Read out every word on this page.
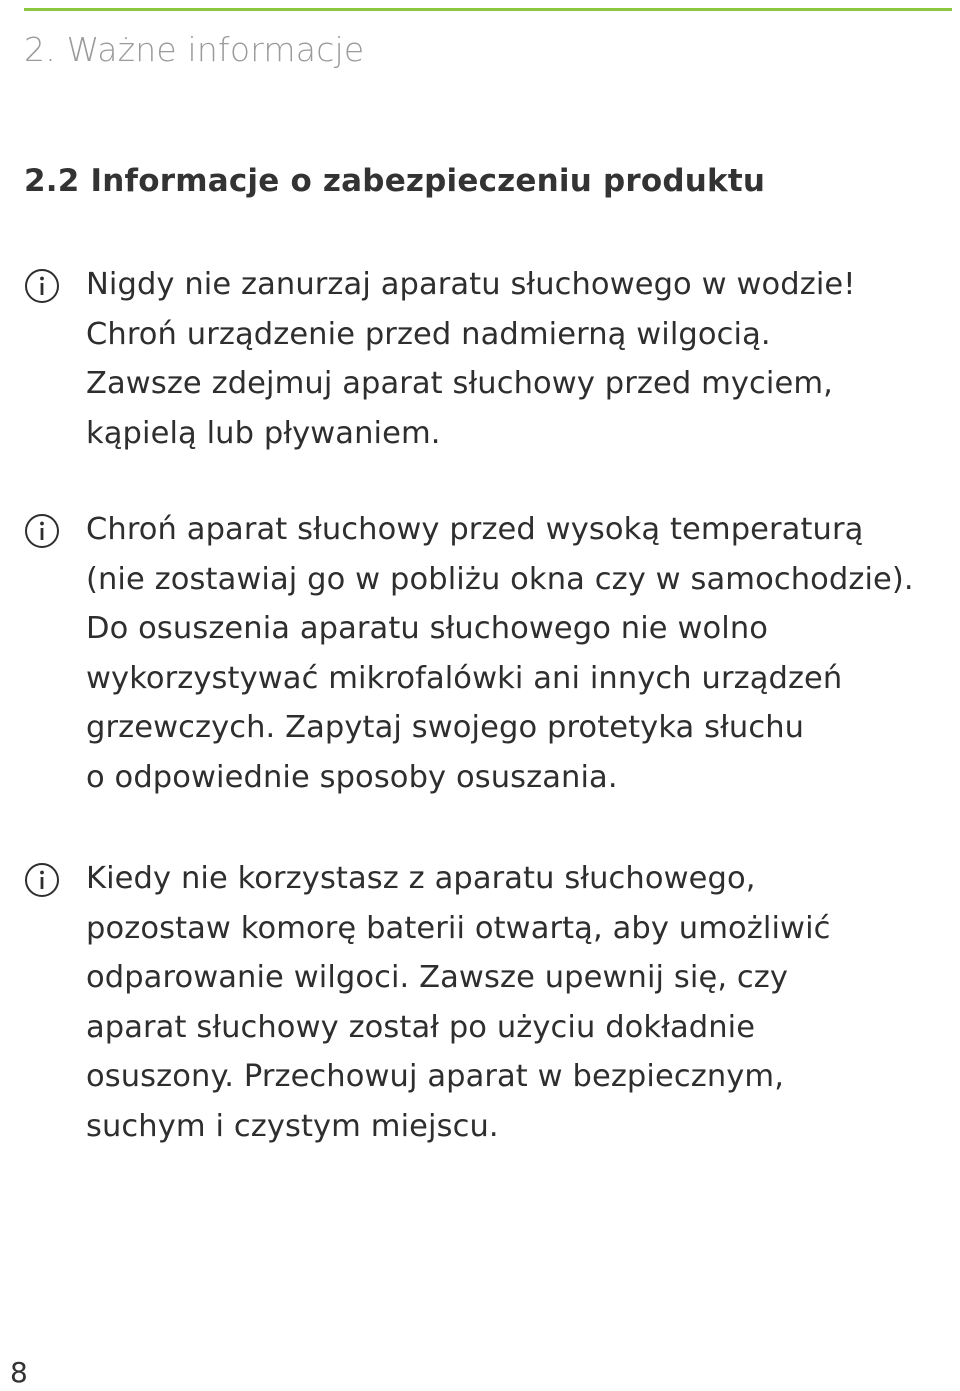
2. Ważne informacje
2.2 Informacje o zabezpieczeniu produktu
Nigdy nie zanurzaj aparatu słuchowego w wodzie!
Chroń urządzenie przed nadmierną wilgocią.
Zawsze zdejmuj aparat słuchowy przed myciem,
kąpielą lub pływaniem.
Chroń aparat słuchowy przed wysoką temperaturą
(nie zostawiaj go w pobliżu okna czy w samochodzie).
Do osuszenia aparatu słuchowego nie wolno
wykorzystywać mikrofalówki ani innych urządzeń
grzewczych. Zapytaj swojego protetyka słuchu
o odpowiednie sposoby osuszania.
Kiedy nie korzystasz z aparatu słuchowego,
pozostaw komorę baterii otwartą, aby umożliwić
odparowanie wilgoci. Zawsze upewnij się, czy
aparat słuchowy został po użyciu dokładnie
osuszony. Przechowuj aparat w bezpiecznym,
suchym i czystym miejscu.
8
